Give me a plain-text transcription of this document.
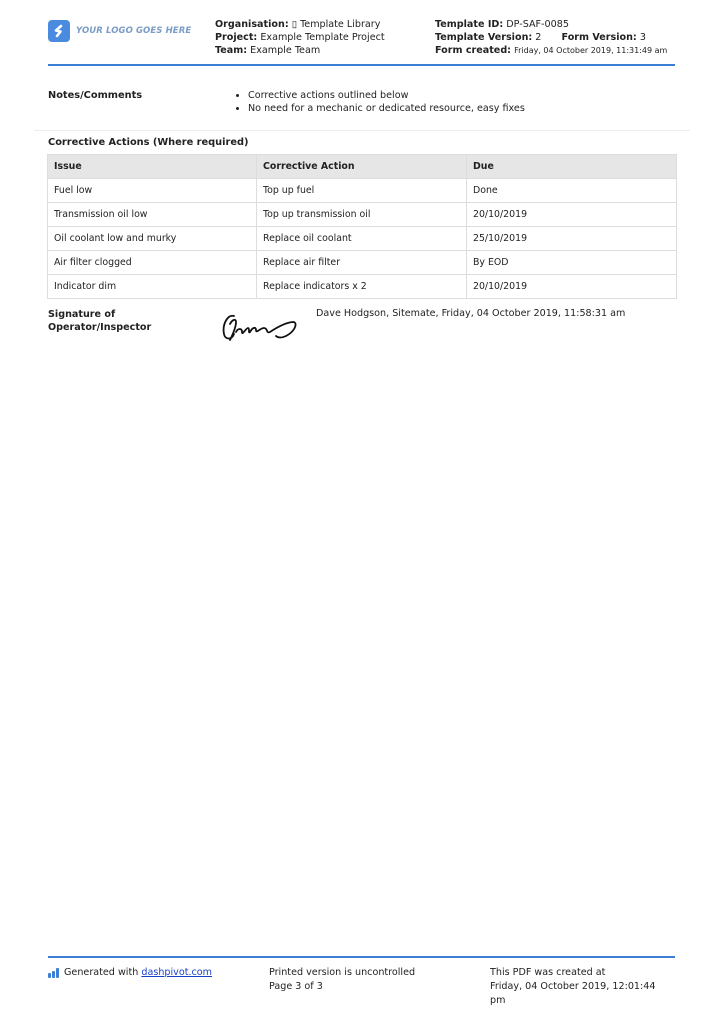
YOUR LOGO GOES HERE
Organisation: ▯ Template Library
Project: Example Template Project
Team: Example Team
Template ID: DP-SAF-0085
Template Version: 2 Form Version: 3
Form created: Friday, 04 October 2019, 11:31:49 am
Notes/Comments	• Corrective actions outlined below
• No need for a mechanic or dedicated resource, easy fixes
Corrective Actions (Where required)
Issue	Corrective Action	Due
Fuel low	Top up fuel	Done
Transmission oil low	Top up transmission oil	20/10/2019
Oil coolant low and murky	Replace oil coolant	25/10/2019
Air filter clogged	Replace air filter	By EOD
Indicator dim	Replace indicators x 2	20/10/2019
Signature of
Operator/Inspector
Dave Hodgson, Sitemate, Friday, 04 October 2019, 11:58:31 am
Generated with
dashpivot.com	Printed version is uncontrolled
Page 3 of 3
This PDF was created at
Friday, 04 October 2019, 12:01:44
pm
